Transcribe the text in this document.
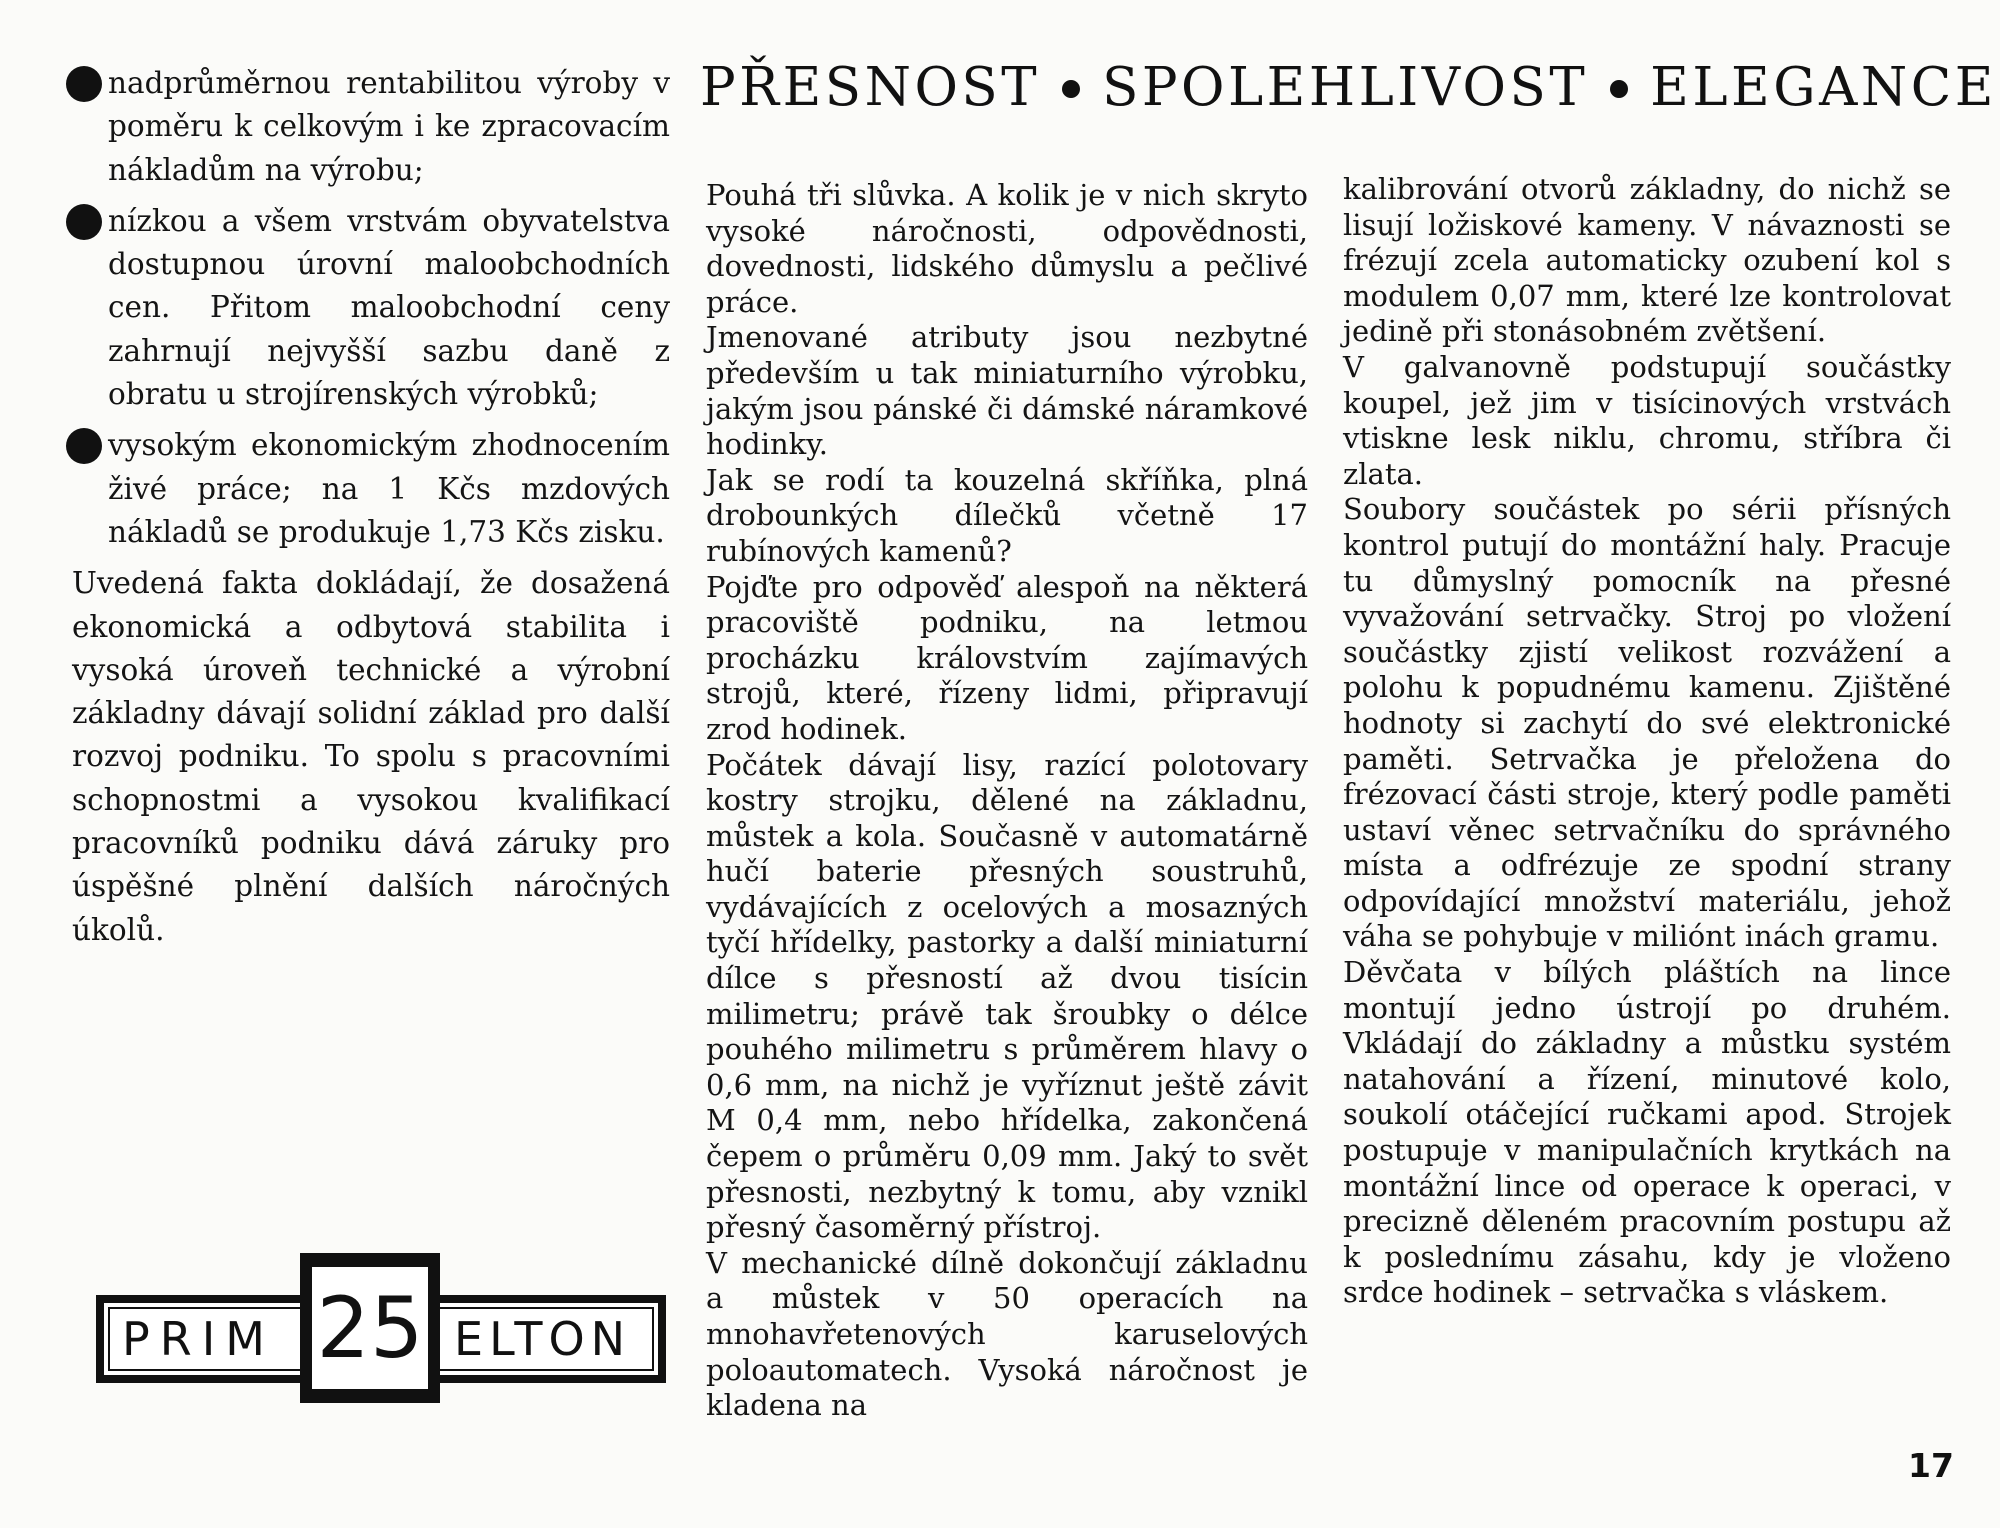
nadprůměrnou rentabilitou výroby v poměru k celkovým i ke zpracovacím nákladům na výrobu;

nízkou a všem vrstvám obyvatelstva dostupnou úrovní maloobchodních cen. Přitom maloobchodní ceny zahrnují nejvyšší sazbu daně z obratu u strojírenských výrobků;

vysokým ekonomickým zhodnocením živé práce; na 1 Kčs mzdových nákladů se produkuje 1,73 Kčs zisku.

Uvedená fakta dokládají, že dosažená ekonomická a odbytová stabilita i vysoká úroveň technické a výrobní základny dávají solidní základ pro další rozvoj podniku. To spolu s pracovními schopnostmi a vysokou kvalifikací pracovníků podniku dává záruky pro úspěšné plnění dalších náročných úkolů.

PŘESNOST SPOLEHLIVOST ELEGANCE

Pouhá tři slůvka. A kolik je v nich skryto vysoké náročnosti, odpovědnosti, dovednosti, lidského důmyslu a pečlivé práce.

Jmenované atributy jsou nezbytné především u tak miniaturního výrobku, jakým jsou pánské či dámské náramkové hodinky.

Jak se rodí ta kouzelná skříňka, plná drobounkých dílečků včetně 17 rubínových kamenů?

Pojďte pro odpověď alespoň na některá pracoviště podniku, na letmou procházku královstvím zajímavých strojů, které, řízeny lidmi, připravují zrod hodinek.

Počátek dávají lisy, razící polotovary kostry strojku, dělené na základnu, můstek a kola. Současně v automatárně hučí baterie přesných soustruhů, vydávajících z ocelových a mosazných tyčí hřídelky, pastorky a další miniaturní dílce s přesností až dvou tisícin milimetru; právě tak šroubky o délce pouhého milimetru s průměrem hlavy o 0,6 mm, na nichž je vyříznut ještě závit M 0,4 mm, nebo hřídelka, zakončená čepem o průměru 0,09 mm. Jaký to svět přesnosti, nezbytný k tomu, aby vznikl přesný časoměrný přístroj.

V mechanické dílně dokončují základnu a můstek v 50 operacích na mnohavřetenových karuselových poloautomatech. Vysoká náročnost je kladena na

kalibrování otvorů základny, do nichž se lisují ložiskové kameny. V návaznosti se frézují zcela automaticky ozubení kol s modulem 0,07 mm, které lze kontrolovat jedině při stonásobném zvětšení.

V galvanovně podstupují součástky koupel, jež jim v tisícinových vrstvách vtiskne lesk niklu, chromu, stříbra či zlata.

Soubory součástek po sérii přísných kontrol putují do montážní haly. Pracuje tu důmyslný pomocník na přesné vyvažování setrvačky. Stroj po vložení součástky zjistí velikost rozvážení a polohu k popudnému kamenu. Zjištěné hodnoty si zachytí do své elektronické paměti. Setrvačka je přeložena do frézovací části stroje, který podle paměti ustaví věnec setrvačníku do správného místa a odfrézuje ze spodní strany odpovídající množství materiálu, jehož váha se pohybuje v miliónt inách gramu.

Děvčata v bílých pláštích na lince montují jedno ústrojí po druhém. Vkládají do základny a můstku systém natahování a řízení, minutové kolo, soukolí otáčející ručkami apod. Strojek postupuje v manipulačních krytkách na montážní lince od operace k operaci, v precizně děleném pracovním postupu až k poslednímu zásahu, kdy je vloženo srdce hodinek – setrvačka s vláskem.

PRIM 25 ELTON
17
